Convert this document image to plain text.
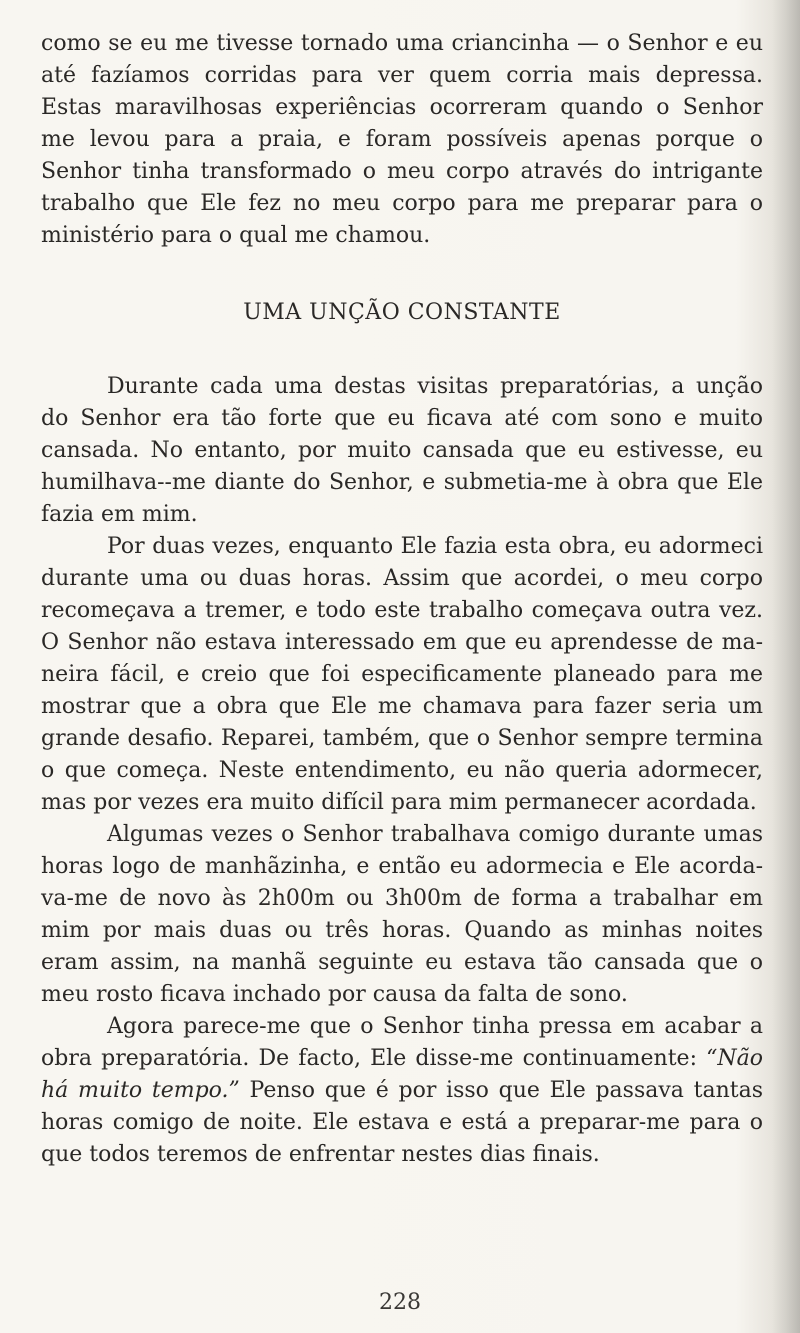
como se eu me tivesse tornado uma criancinha — o Senhor e eu até fazíamos corridas para ver quem corria mais depressa. Estas maravilhosas experiências ocorreram quando o Senhor me levou para a praia, e foram possíveis apenas porque o Senhor tinha transformado o meu corpo através do intrigante trabalho que Ele fez no meu corpo para me preparar para o ministério para o qual me chamou.

UMA UNÇÃO CONSTANTE

Durante cada uma destas visitas preparatórias, a unção do Senhor era tão forte que eu ficava até com sono e muito cansada. No entanto, por muito cansada que eu estivesse, eu humilhava--me diante do Senhor, e submetia-me à obra que Ele fazia em mim.

Por duas vezes, enquanto Ele fazia esta obra, eu adormeci durante uma ou duas horas. Assim que acordei, o meu corpo recomeçava a tremer, e todo este trabalho começava outra vez. O Senhor não estava interessado em que eu aprendesse de maneira fácil, e creio que foi especificamente planeado para me mostrar que a obra que Ele me chamava para fazer seria um grande desafio. Reparei, também, que o Senhor sempre termina o que começa. Neste entendimento, eu não queria adormecer, mas por vezes era muito difícil para mim permanecer acordada.

Algumas vezes o Senhor trabalhava comigo durante umas horas logo de manhãzinha, e então eu adormecia e Ele acordava-me de novo às 2h00m ou 3h00m de forma a trabalhar em mim por mais duas ou três horas. Quando as minhas noites eram assim, na manhã seguinte eu estava tão cansada que o meu rosto ficava inchado por causa da falta de sono.

Agora parece-me que o Senhor tinha pressa em acabar a obra preparatória. De facto, Ele disse-me continuamente: “Não há muito tempo.” Penso que é por isso que Ele passava tantas horas comigo de noite. Ele estava e está a preparar-me para o que todos teremos de enfrentar nestes dias finais.

228
